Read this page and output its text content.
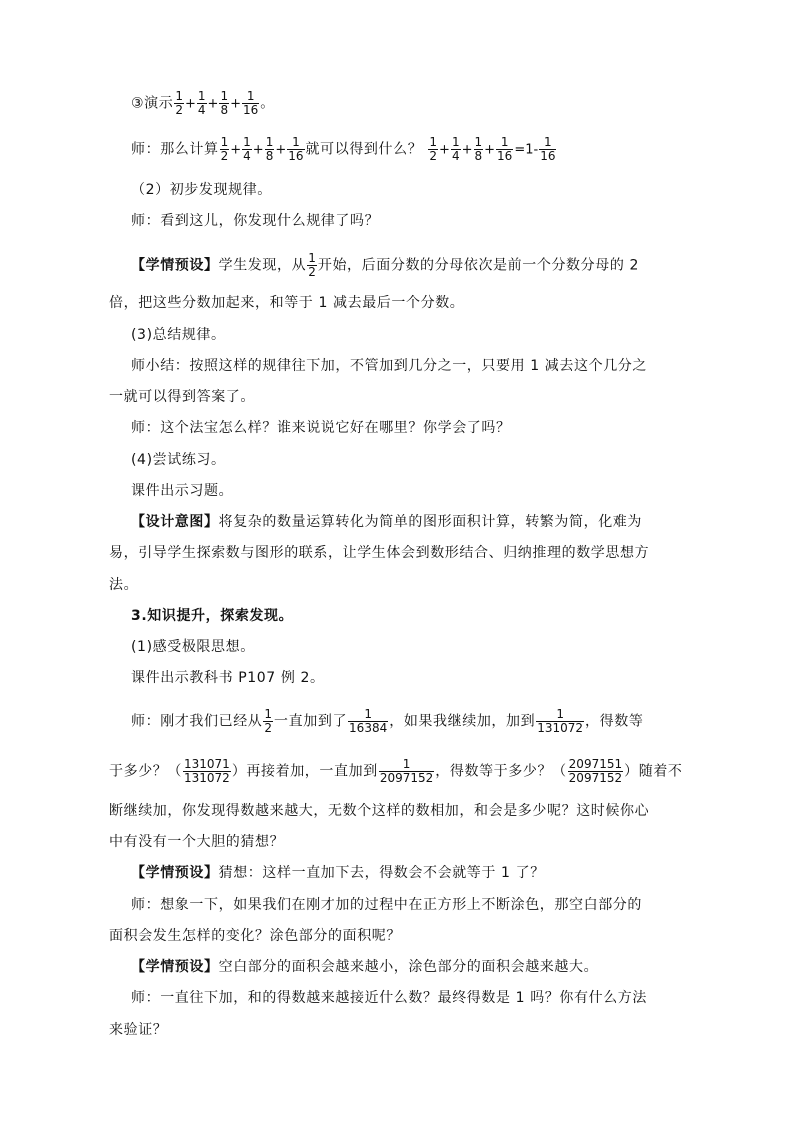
③演示 $\frac{1}{2} + \frac{1}{4} + \frac{1}{8} + \frac{1}{16}$ 。
师：那么计算 $\frac{1}{2} + \frac{1}{4} + \frac{1}{8} + \frac{1}{16}$ 就可以得到什么？ $\frac{1}{2} + \frac{1}{4} + \frac{1}{8} + \frac{1}{16} =1- \frac{1}{16}$
（2）初步发现规律。
师：看到这儿，你发现什么规律了吗？
【学情预设】学生发现，从 $\frac{1}{2}$ 开始，后面分数的分母依次是前一个分数分母的 2
倍，把这些分数加起来，和等于 1 减去最后一个分数。
(3)总结规律。
师小结：按照这样的规律往下加，不管加到几分之一，只要用 1 减去这个几分之
一就可以得到答案了。
师：这个法宝怎么样？谁来说说它好在哪里？你学会了吗？
(4)尝试练习。
课件出示习题。
【设计意图】将复杂的数量运算转化为简单的图形面积计算，转繁为简，化难为
易，引导学生探索数与图形的联系，让学生体会到数形结合、归纳推理的数学思想方
法。
3.知识提升，探索发现。
(1)感受极限思想。
课件出示教科书 P107 例 2。
师：刚才我们已经从 $\frac{1}{2}$ 一直加到了 $\frac{1}{16384}$ ，如果我继续加，加到 $\frac{1}{131072}$ ，得数等
于多少？（ $\frac{131071}{131072}$ ）再接着加，一直加到 $\frac{1}{2097152}$ ，得数等于多少？（ $\frac{2097151}{2097152}$ ）随着不
断继续加，你发现得数越来越大，无数个这样的数相加，和会是多少呢？这时候你心
中有没有一个大胆的猜想？
【学情预设】猜想：这样一直加下去，得数会不会就等于 1 了？
师：想象一下，如果我们在刚才加的过程中在正方形上不断涂色，那空白部分的
面积会发生怎样的变化？涂色部分的面积呢？
【学情预设】空白部分的面积会越来越小，涂色部分的面积会越来越大。
师：一直往下加，和的得数越来越接近什么数？最终得数是 1 吗？你有什么方法
来验证？
